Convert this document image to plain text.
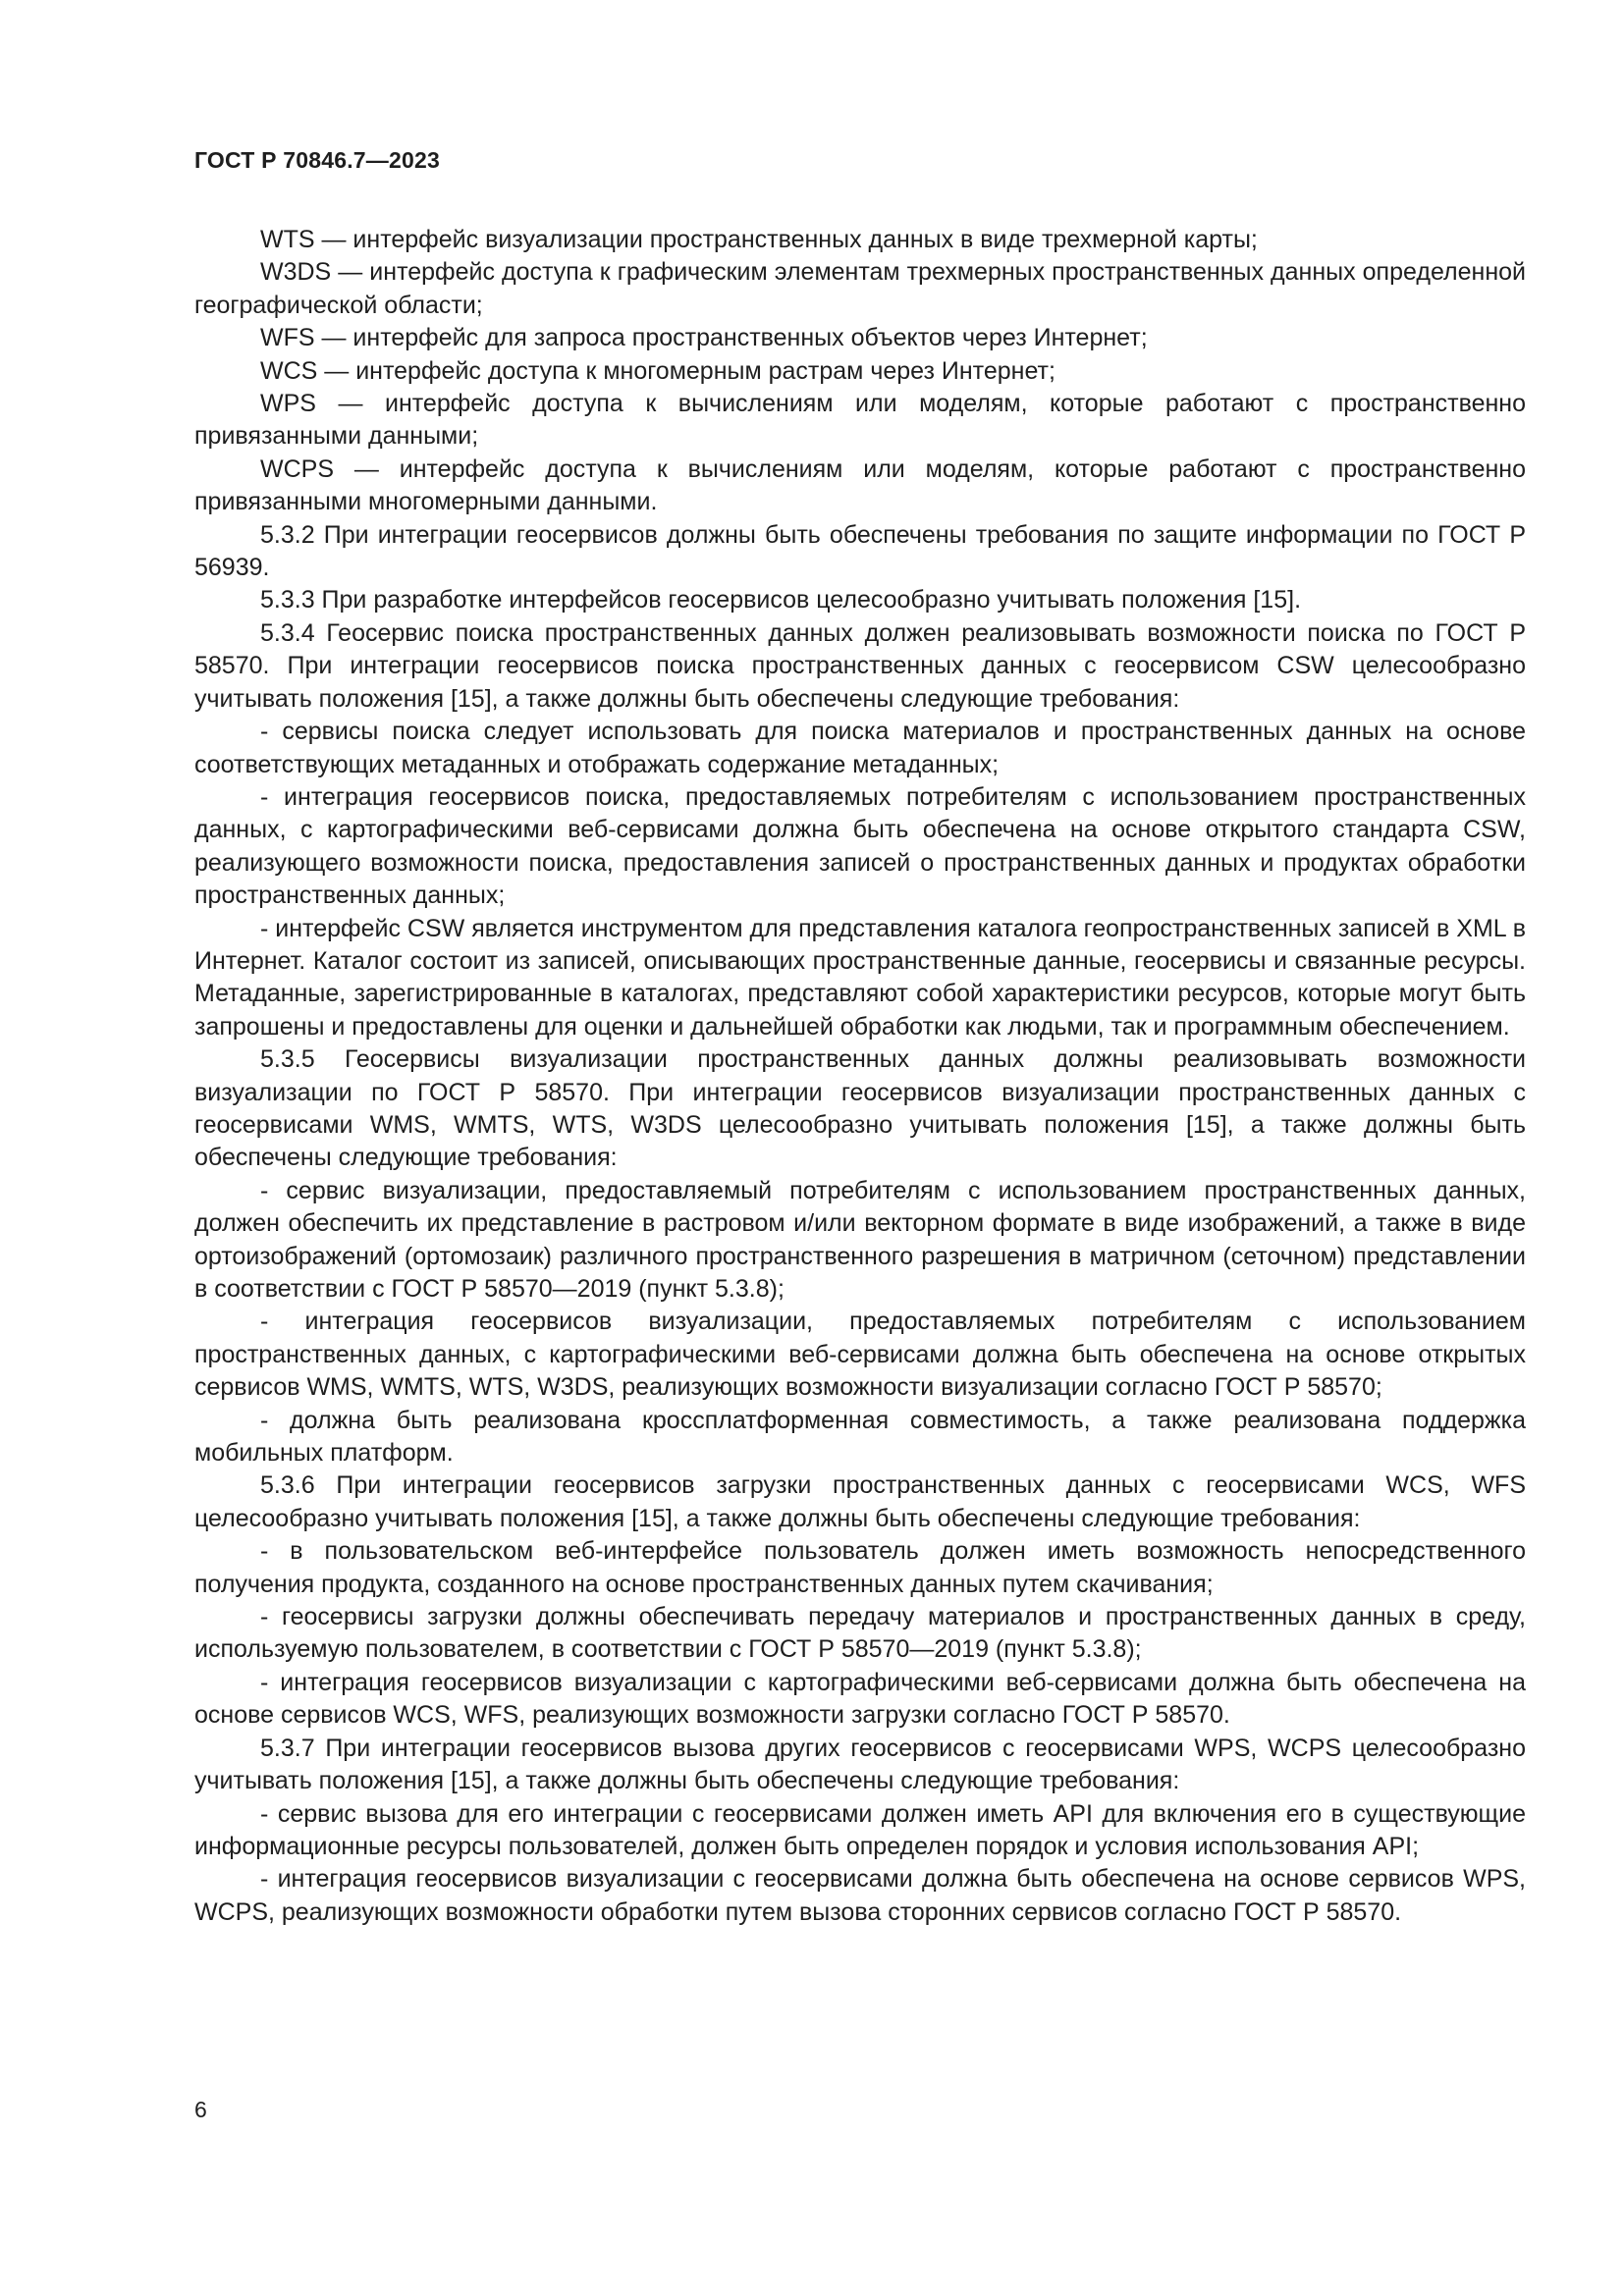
ГОСТ Р 70846.7—2023

WTS — интерфейс визуализации пространственных данных в виде трехмерной карты;

W3DS — интерфейс доступа к графическим элементам трехмерных пространственных данных определенной географической области;

WFS — интерфейс для запроса пространственных объектов через Интернет;

WCS — интерфейс доступа к многомерным растрам через Интернет;

WPS — интерфейс доступа к вычислениям или моделям, которые работают с пространственно привязанными данными;

WCPS — интерфейс доступа к вычислениям или моделям, которые работают с пространственно привязанными многомерными данными.

5.3.2 При интеграции геосервисов должны быть обеспечены требования по защите информации по ГОСТ Р 56939.

5.3.3 При разработке интерфейсов геосервисов целесообразно учитывать положения [15].

5.3.4 Геосервис поиска пространственных данных должен реализовывать возможности поиска по ГОСТ Р 58570. При интеграции геосервисов поиска пространственных данных с геосервисом CSW целесообразно учитывать положения [15], а также должны быть обеспечены следующие требования:

- сервисы поиска следует использовать для поиска материалов и пространственных данных на основе соответствующих метаданных и отображать содержание метаданных;

- интеграция геосервисов поиска, предоставляемых потребителям с использованием пространственных данных, с картографическими веб-сервисами должна быть обеспечена на основе открытого стандарта CSW, реализующего возможности поиска, предоставления записей о пространственных данных и продуктах обработки пространственных данных;

- интерфейс CSW является инструментом для представления каталога геопространственных записей в XML в Интернет. Каталог состоит из записей, описывающих пространственные данные, геосервисы и связанные ресурсы. Метаданные, зарегистрированные в каталогах, представляют собой характеристики ресурсов, которые могут быть запрошены и предоставлены для оценки и дальнейшей обработки как людьми, так и программным обеспечением.

5.3.5 Геосервисы визуализации пространственных данных должны реализовывать возможности визуализации по ГОСТ Р 58570. При интеграции геосервисов визуализации пространственных данных с геосервисами WMS, WMTS, WTS, W3DS целесообразно учитывать положения [15], а также должны быть обеспечены следующие требования:

- сервис визуализации, предоставляемый потребителям с использованием пространственных данных, должен обеспечить их представление в растровом и/или векторном формате в виде изображений, а также в виде ортоизображений (ортомозаик) различного пространственного разрешения в матричном (сеточном) представлении в соответствии с ГОСТ Р 58570—2019 (пункт 5.3.8);

- интеграция геосервисов визуализации, предоставляемых потребителям с использованием пространственных данных, с картографическими веб-сервисами должна быть обеспечена на основе открытых сервисов WMS, WMTS, WTS, W3DS, реализующих возможности визуализации согласно ГОСТ Р 58570;

- должна быть реализована кроссплатформенная совместимость, а также реализована поддержка мобильных платформ.

5.3.6 При интеграции геосервисов загрузки пространственных данных с геосервисами WCS, WFS целесообразно учитывать положения [15], а также должны быть обеспечены следующие требования:

- в пользовательском веб-интерфейсе пользователь должен иметь возможность непосредственного получения продукта, созданного на основе пространственных данных путем скачивания;

- геосервисы загрузки должны обеспечивать передачу материалов и пространственных данных в среду, используемую пользователем, в соответствии с ГОСТ Р 58570—2019 (пункт 5.3.8);

- интеграция геосервисов визуализации с картографическими веб-сервисами должна быть обеспечена на основе сервисов WCS, WFS, реализующих возможности загрузки согласно ГОСТ Р 58570.

5.3.7 При интеграции геосервисов вызова других геосервисов с геосервисами WPS, WCPS целесообразно учитывать положения [15], а также должны быть обеспечены следующие требования:

- сервис вызова для его интеграции с геосервисами должен иметь API для включения его в существующие информационные ресурсы пользователей, должен быть определен порядок и условия использования API;

- интеграция геосервисов визуализации с геосервисами должна быть обеспечена на основе сервисов WPS, WCPS, реализующих возможности обработки путем вызова сторонних сервисов согласно ГОСТ Р 58570.

6
